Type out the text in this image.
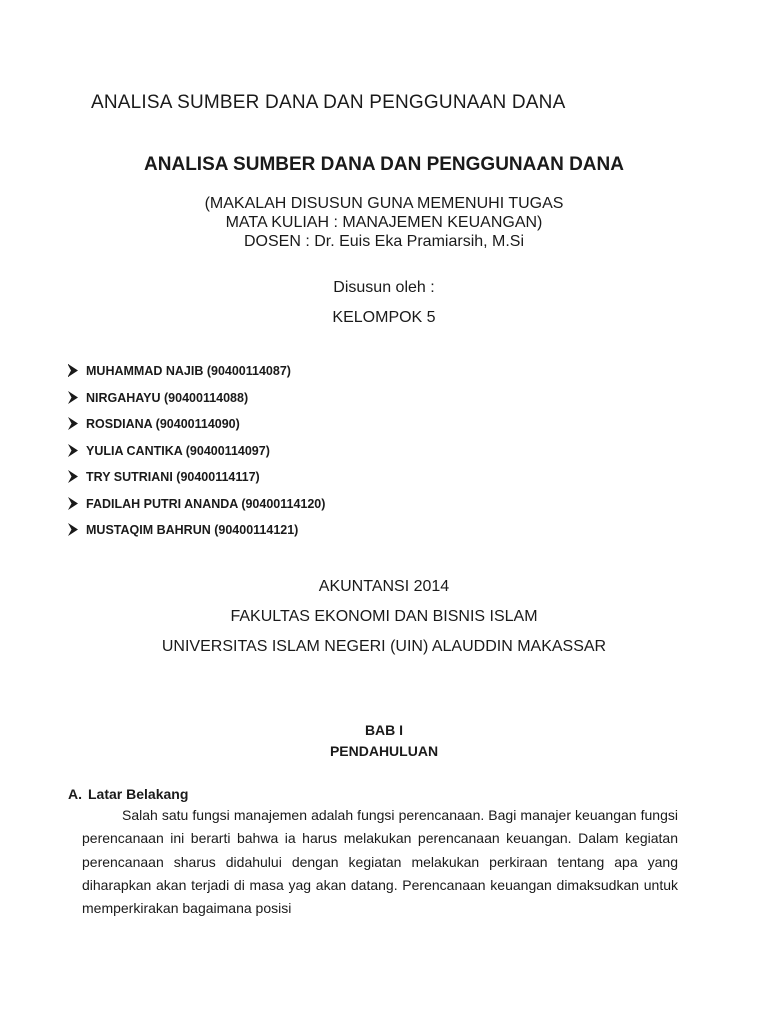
ANALISA SUMBER DANA DAN PENGGUNAAN DANA
ANALISA SUMBER DANA DAN PENGGUNAAN DANA
(MAKALAH DISUSUN GUNA MEMENUHI TUGAS
MATA KULIAH : MANAJEMEN KEUANGAN)
DOSEN : Dr. Euis Eka Pramiarsih, M.Si
Disusun oleh :
KELOMPOK 5
MUHAMMAD NAJIB (90400114087)
NIRGAHAYU (90400114088)
ROSDIANA (90400114090)
YULIA CANTIKA (90400114097)
TRY SUTRIANI (90400114117)
FADILAH PUTRI ANANDA (90400114120)
MUSTAQIM BAHRUN (90400114121)
AKUNTANSI 2014
FAKULTAS EKONOMI DAN BISNIS ISLAM
UNIVERSITAS ISLAM NEGERI (UIN) ALAUDDIN MAKASSAR
BAB I
PENDAHULUAN
A. Latar Belakang
Salah satu fungsi manajemen adalah fungsi perencanaan. Bagi manajer keuangan fungsi perencanaan ini berarti bahwa ia harus melakukan perencanaan keuangan. Dalam kegiatan perencanaan sharus didahului dengan kegiatan melakukan perkiraan tentang apa yang diharapkan akan terjadi di masa yag akan datang. Perencanaan keuangan dimaksudkan untuk memperkirakan bagaimana posisi
